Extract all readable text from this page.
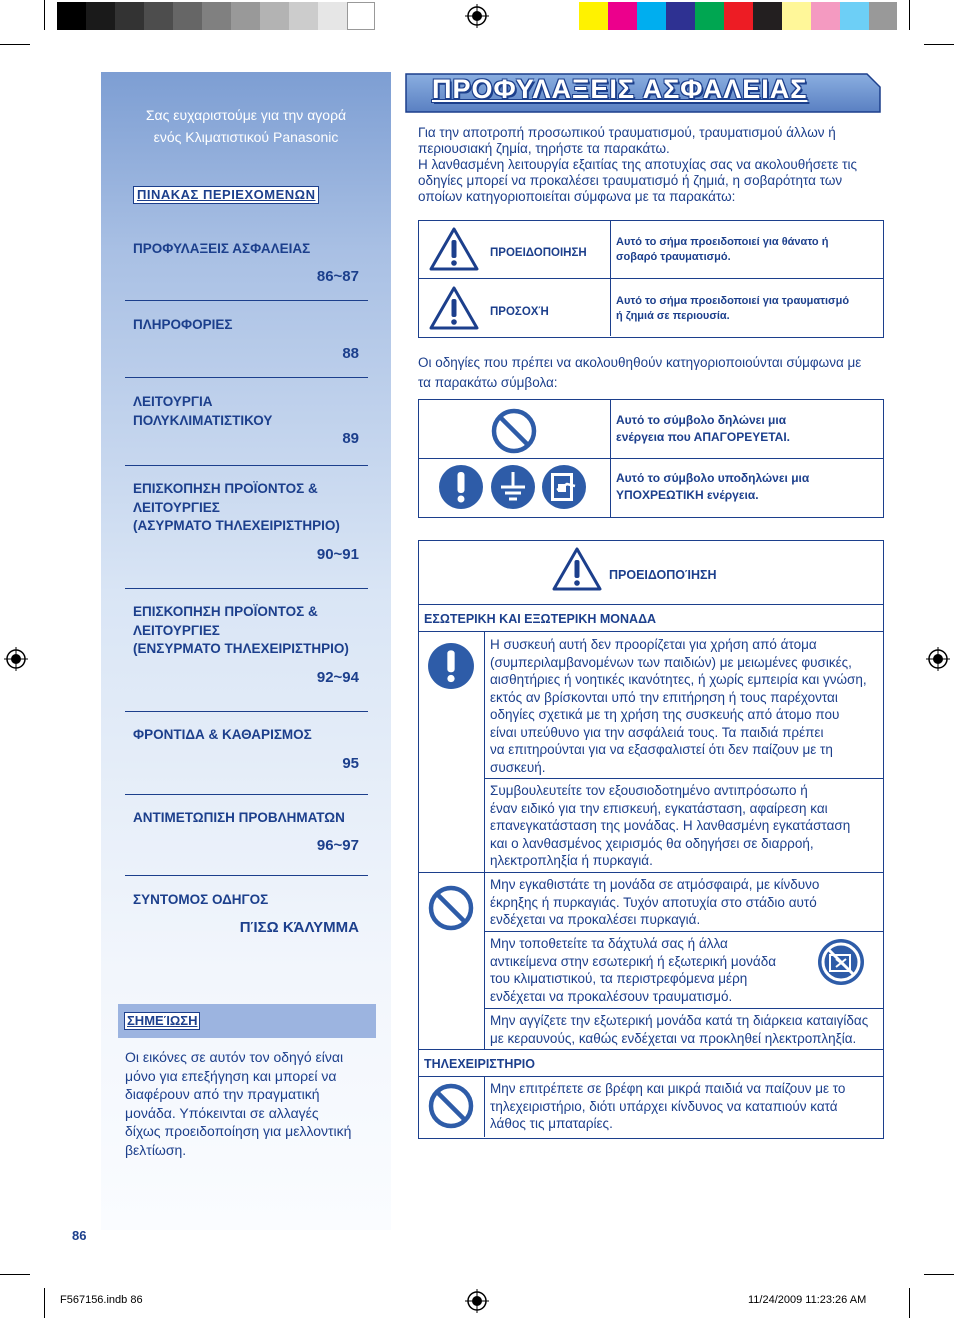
Σας ευχαριστούμε για την αγορά
ενός Κλιματιστικού Panasonic
ΠΙΝΑΚΑΣ ΠΕΡΙΕΧΟΜΕΝΩΝ
ΠΡΟΦΥΛΑΞΕΙΣ ΑΣΦΑΛΕΙΑΣ
86~87
ΠΛΗΡΟΦΟΡΙΕΣ
88
ΛΕΙΤΟΥΡΓΙΑ
ΠΟΛΥΚΛΙΜΑΤΙΣΤΙΚΟΥ
89
ΕΠΙΣΚΟΠΗΣΗ ΠΡΟΪΟΝΤΟΣ &
ΛΕΙΤΟΥΡΓΙΕΣ
(ΑΣΥΡΜΑΤΟ ΤΗΛΕΧΕΙΡΙΣΤΗΡΙΟ)
90~91
ΕΠΙΣΚΟΠΗΣΗ ΠΡΟΪΟΝΤΟΣ &
ΛΕΙΤΟΥΡΓΙΕΣ
(ΕΝΣΥΡΜΑΤΟ ΤΗΛΕΧΕΙΡΙΣΤΗΡΙΟ)
92~94
ΦΡΟΝΤΙΔΑ & ΚΑΘΑΡΙΣΜΟΣ
95
ΑΝΤΙΜΕΤΩΠΙΣΗ ΠΡΟΒΛΗΜΑΤΩΝ
96~97
ΣΥΝΤΟΜΟΣ ΟΔΗΓΟΣ
ΠΊΣΩ ΚΆΛΥΜΜΑ
ΣΗΜΕΊΩΣΗ
Οι εικόνες σε αυτόν τον οδηγό είναι
μόνο για επεξήγηση και μπορεί να
διαφέρουν από την πραγματική
μονάδα. Υπόκεινται σε αλλαγές
δίχως προειδοποίηση για μελλοντική
βελτίωση.
86
ΠΡΟΦΥΛΑΞΕΙΣ ΑΣΦΑΛΕΙΑΣ
Για την αποτροπή προσωπικού τραυματισμού, τραυματισμού άλλων ή
περιουσιακή ζημία, τηρήστε τα παρακάτω.
Η λανθασμένη λειτουργία εξαιτίας της αποτυχίας σας να ακολουθήσετε τις
οδηγίες μπορεί να προκαλέσει τραυματισμό ή ζημιά, η σοβαρότητα των
οποίων κατηγοριοποιείται σύμφωνα με τα παρακάτω:
ΠΡΟΕΙΔΟΠΟΙΗΣΗ
Αυτό το σήμα προειδοποιεί για θάνατο ή
σοβαρό τραυματισμό.
ΠΡΟΣΟΧΉ
Αυτό το σήμα προειδοποιεί για τραυματισμό
ή ζημιά σε περιουσία.
Οι οδηγίες που πρέπει να ακολουθηθούν κατηγοριοποιούνται σύμφωνα με
τα παρακάτω σύμβολα:
Αυτό το σύμβολο δηλώνει μια
ενέργεια που ΑΠΑΓΟΡΕΥΕΤΑΙ.
Αυτό το σύμβολο υποδηλώνει μια
ΥΠΟΧΡΕΩΤΙΚΗ ενέργεια.
ΠΡΟΕΙΔΟΠΟΊΗΣΗ
ΕΣΩΤΕΡΙΚΗ ΚΑΙ ΕΞΩΤΕΡΙΚΗ ΜΟΝΑΔΑ
Η συσκευή αυτή δεν προορίζεται για χρήση από άτομα
(συμπεριλαμβανομένων των παιδιών) με μειωμένες φυσικές,
αισθητήριες ή νοητικές ικανότητες, ή χωρίς εμπειρία και γνώση,
εκτός αν βρίσκονται υπό την επιτήρηση ή τους παρέχονται
οδηγίες σχετικά με τη χρήση της συσκευής από άτομο που
είναι υπεύθυνο για την ασφάλειά τους. Τα παιδιά πρέπει
να επιτηρούνται για να εξασφαλιστεί ότι δεν παίζουν με τη
συσκευή.
Συμβουλευτείτε τον εξουσιοδοτημένο αντιπρόσωπο ή
έναν ειδικό για την επισκευή, εγκατάσταση, αφαίρεση και
επανεγκατάσταση της μονάδας. Η λανθασμένη εγκατάσταση
και ο λανθασμένος χειρισμός θα οδηγήσει σε διαρροή,
ηλεκτροπληξία ή πυρκαγιά.
Μην εγκαθιστάτε τη μονάδα σε ατμόσφαιρά, με κίνδυνο
έκρηξης ή πυρκαγιάς. Τυχόν αποτυχία στο στάδιο αυτό
ενδέχεται να προκαλέσει πυρκαγιά.
Μην τοποθετείτε τα δάχτυλά σας ή άλλα
αντικείμενα στην εσωτερική ή εξωτερική μονάδα
του κλιματιστικού, τα περιστρεφόμενα μέρη
ενδέχεται να προκαλέσουν τραυματισμό.
Μην αγγίζετε την εξωτερική μονάδα κατά τη διάρκεια καταιγίδας
με κεραυνούς, καθώς ενδέχεται να προκληθεί ηλεκτροπληξία.
ΤΗΛΕΧΕΙΡΙΣΤΗΡΙΟ
Μην επιτρέπετε σε βρέφη και μικρά παιδιά να παίζουν με το
τηλεχειριστήριο, διότι υπάρχει κίνδυνος να καταπιούν κατά
λάθος τις μπαταρίες.
F567156.indb 86	11/24/2009 11:23:26 AM
